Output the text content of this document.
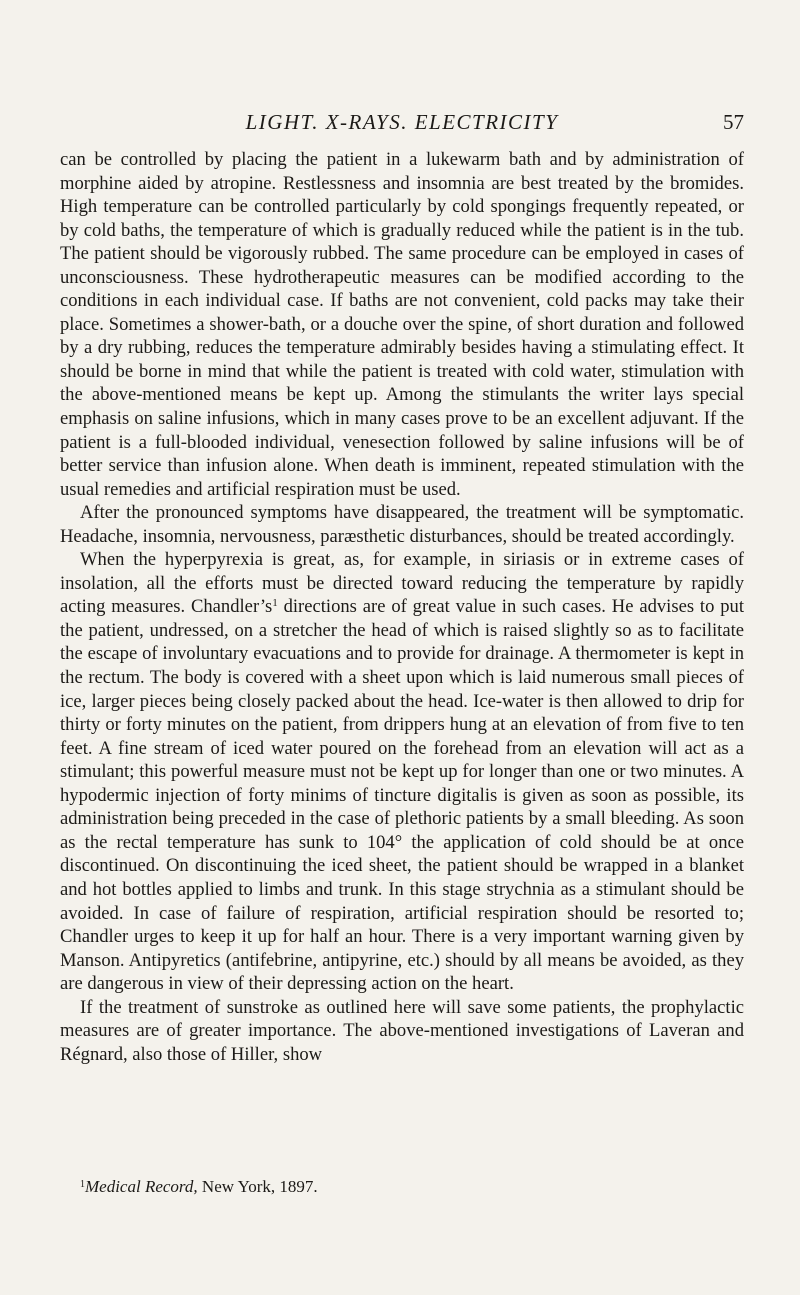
LIGHT. X-RAYS. ELECTRICITY	57

can be controlled by placing the patient in a lukewarm bath and by administration of morphine aided by atropine. Restlessness and insomnia are best treated by the bromides. High temperature can be controlled particularly by cold spongings frequently repeated, or by cold baths, the temperature of which is gradually reduced while the patient is in the tub. The patient should be vigorously rubbed. The same procedure can be employed in cases of unconsciousness. These hydrotherapeutic measures can be modified according to the conditions in each individual case. If baths are not convenient, cold packs may take their place. Sometimes a shower-bath, or a douche over the spine, of short duration and followed by a dry rubbing, reduces the temperature admirably besides having a stimulating effect. It should be borne in mind that while the patient is treated with cold water, stimulation with the above-mentioned means be kept up. Among the stimulants the writer lays special emphasis on saline infusions, which in many cases prove to be an excellent adjuvant. If the patient is a full-blooded individual, venesection followed by saline infusions will be of better service than infusion alone. When death is imminent, repeated stimulation with the usual remedies and artificial respiration must be used.

After the pronounced symptoms have disappeared, the treatment will be symptomatic. Headache, insomnia, nervousness, paræsthetic disturbances, should be treated accordingly.

When the hyperpyrexia is great, as, for example, in siriasis or in extreme cases of insolation, all the efforts must be directed toward reducing the temperature by rapidly acting measures. $Chandler’s^1$ directions are of great value in such cases. He advises to put the patient, undressed, on a stretcher the head of which is raised slightly so as to facilitate the escape of involuntary evacuations and to provide for drainage. A thermometer is kept in the rectum. The body is covered with a sheet upon which is laid numerous small pieces of ice, larger pieces being closely packed about the head. Ice-water is then allowed to drip for thirty or forty minutes on the patient, from drippers hung at an elevation of from five to ten feet. A fine stream of iced water poured on the forehead from an elevation will act as a stimulant; this powerful measure must not be kept up for longer than one or two minutes. A hypodermic injection of forty minims of tincture digitalis is given as soon as possible, its administration being preceded in the case of plethoric patients by a small bleeding. As soon as the rectal temperature has sunk to 104° the application of cold should be at once discontinued. On discontinuing the iced sheet, the patient should be wrapped in a blanket and hot bottles applied to limbs and trunk. In this stage strychnia as a stimulant should be avoided. In case of failure of respiration, artificial respiration should be resorted to; Chandler urges to keep it up for half an hour. There is a very important warning given by Manson. Antipyretics (antifebrine, antipyrine, etc.) should by all means be avoided, as they are dangerous in view of their depressing action on the heart.

If the treatment of sunstroke as outlined here will save some patients, the prophylactic measures are of greater importance. The above-mentioned investigations of Laveran and Régnard, also those of Hiller, show

$^1$Medical Record, New York, 1897.
